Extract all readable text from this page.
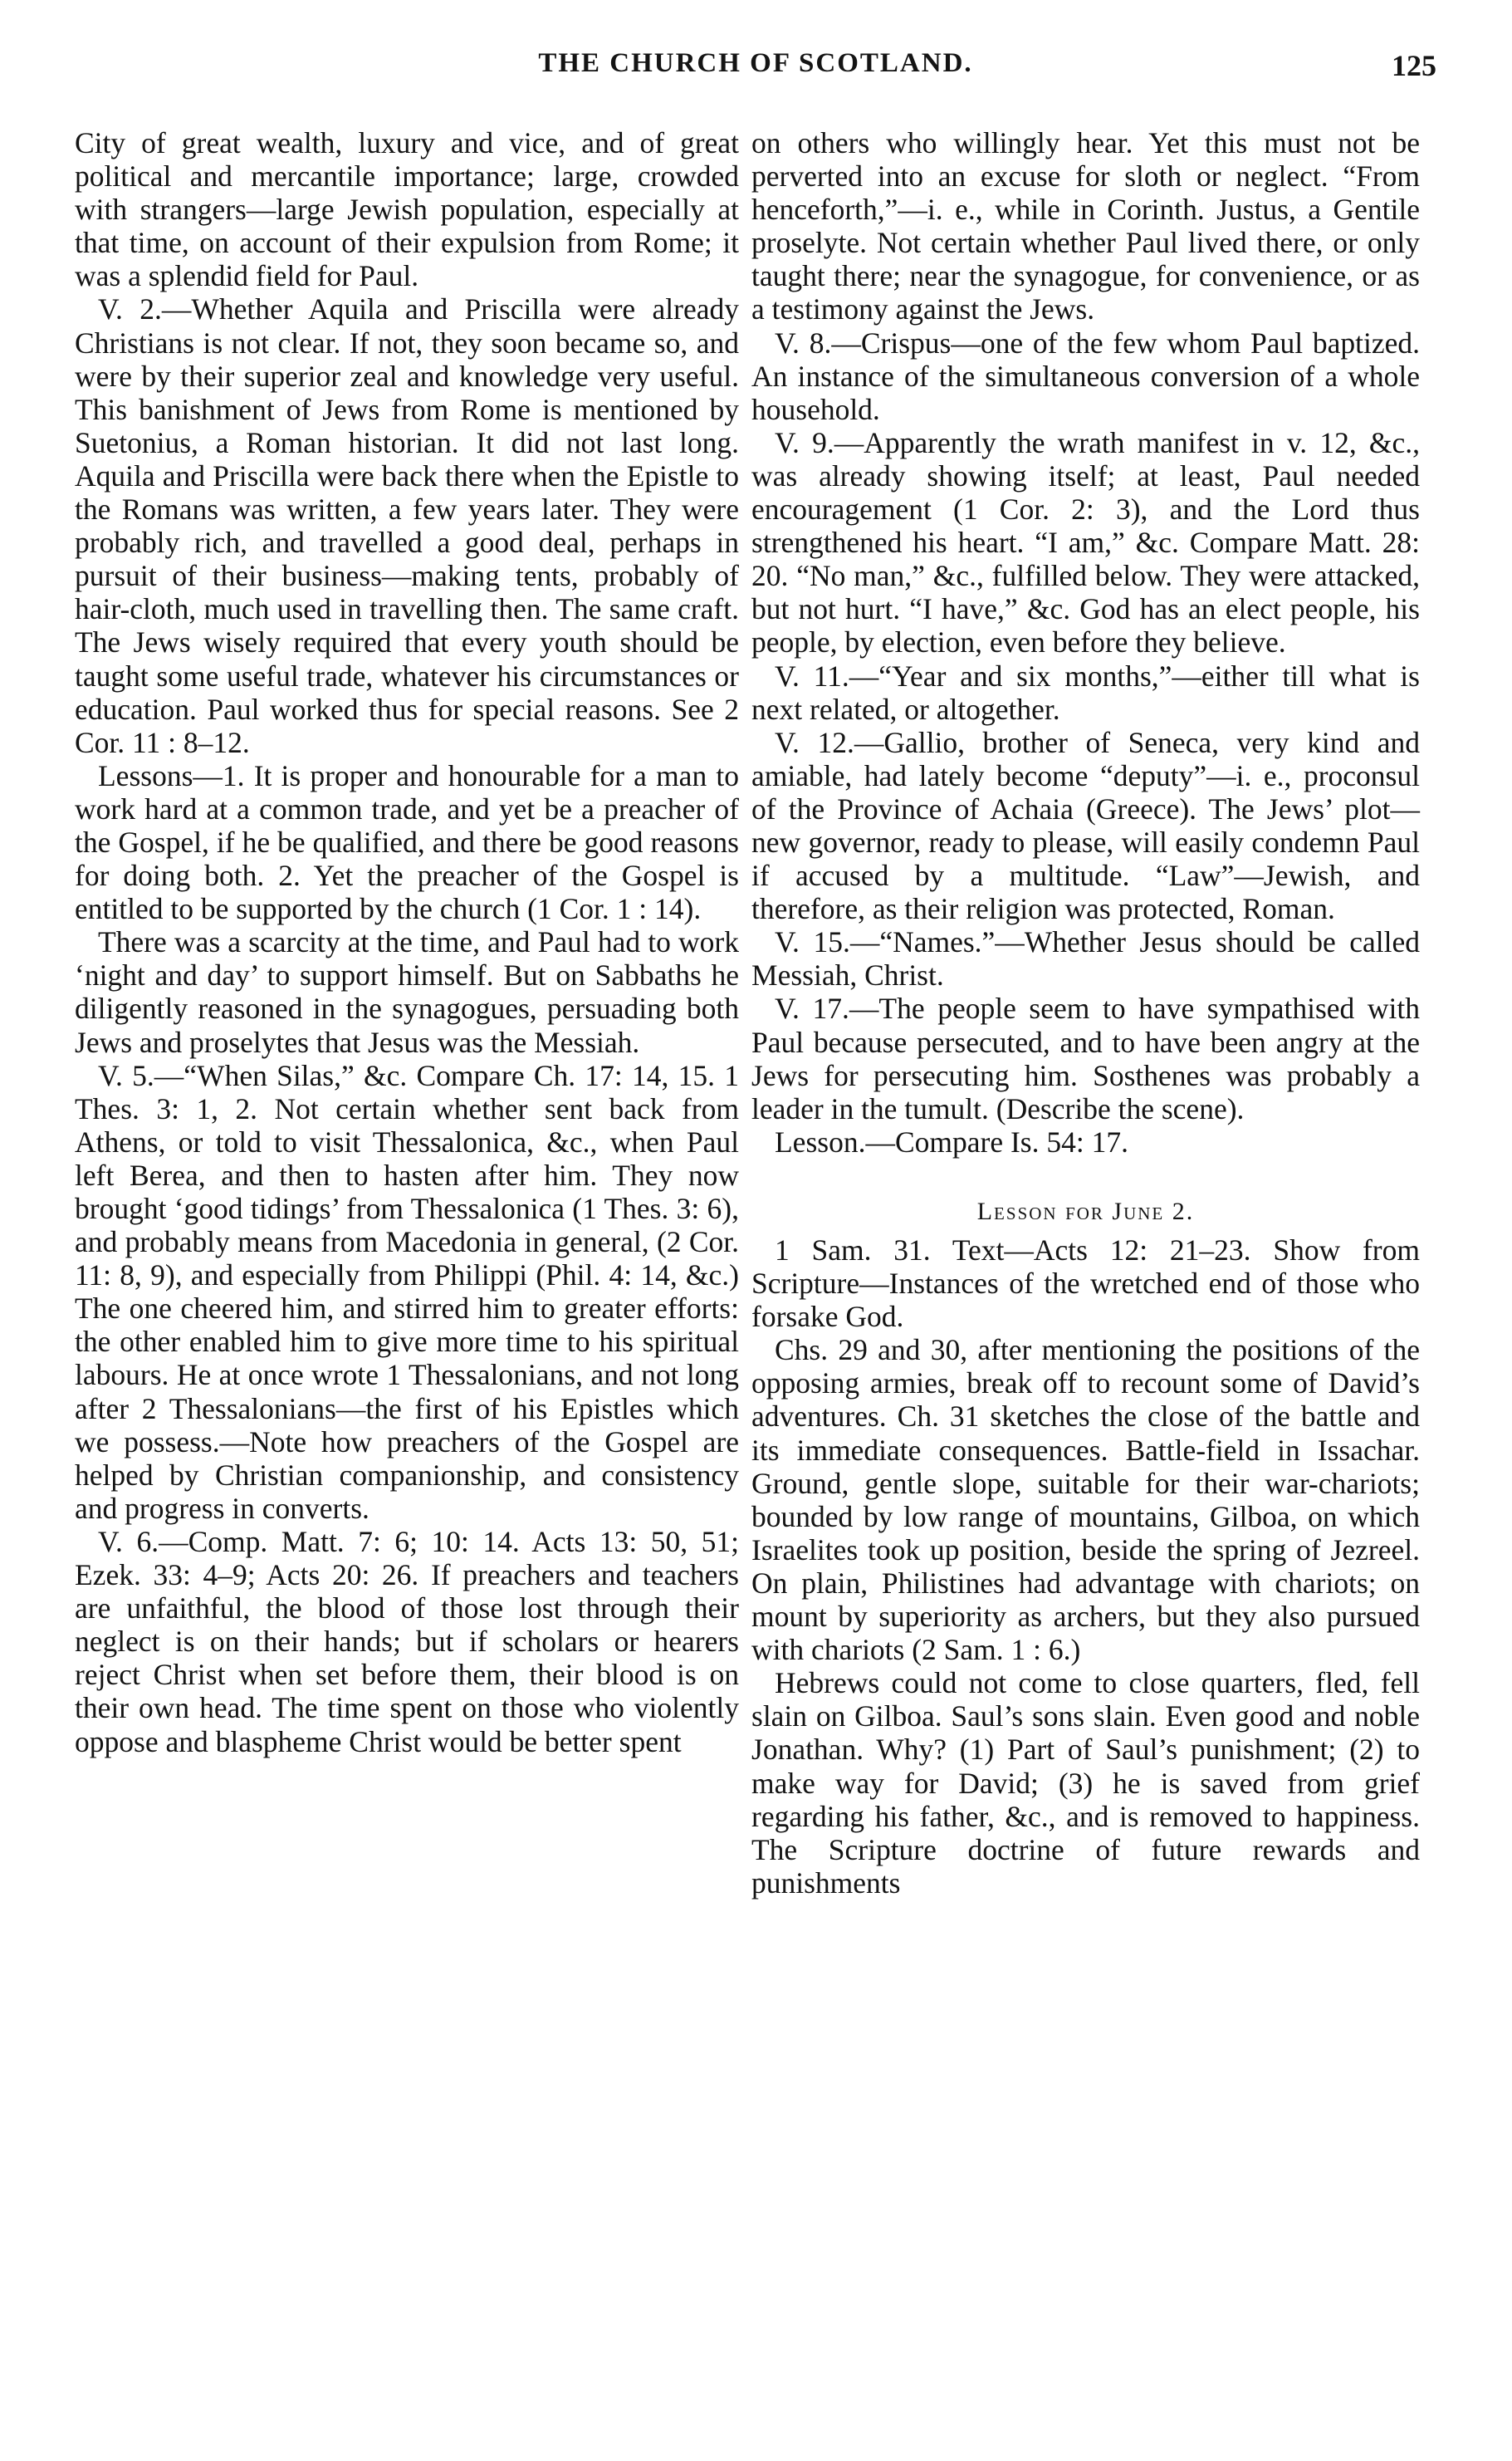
THE CHURCH OF SCOTLAND.	125

City of great wealth, luxury and vice, and of great political and mercantile importance; large, crowded with strangers—large Jewish population, especially at that time, on account of their expulsion from Rome; it was a splendid field for Paul.

V. 2.—Whether Aquila and Priscilla were already Christians is not clear. If not, they soon became so, and were by their superior zeal and knowledge very useful. This banishment of Jews from Rome is mentioned by Suetonius, a Roman historian. It did not last long. Aquila and Priscilla were back there when the Epistle to the Romans was written, a few years later. They were probably rich, and travelled a good deal, perhaps in pursuit of their business—making tents, probably of hair-cloth, much used in travelling then. The same craft. The Jews wisely required that every youth should be taught some useful trade, whatever his circumstances or education. Paul worked thus for special reasons. See 2 Cor. 11 : 8–12.

Lessons—1. It is proper and honourable for a man to work hard at a common trade, and yet be a preacher of the Gospel, if he be qualified, and there be good reasons for doing both. 2. Yet the preacher of the Gospel is entitled to be supported by the church (1 Cor. 1 : 14).

There was a scarcity at the time, and Paul had to work ‘night and day’ to support himself. But on Sabbaths he diligently reasoned in the synagogues, persuading both Jews and proselytes that Jesus was the Messiah.

V. 5.—“When Silas,” &c. Compare Ch. 17: 14, 15. 1 Thes. 3: 1, 2. Not certain whether sent back from Athens, or told to visit Thessalonica, &c., when Paul left Berea, and then to hasten after him. They now brought ‘good tidings’ from Thessalonica (1 Thes. 3: 6), and probably means from Macedonia in general, (2 Cor. 11: 8, 9), and especially from Philippi (Phil. 4: 14, &c.) The one cheered him, and stirred him to greater efforts: the other enabled him to give more time to his spiritual labours. He at once wrote 1 Thessalonians, and not long after 2 Thessalonians—the first of his Epistles which we possess.—Note how preachers of the Gospel are helped by Christian companionship, and consistency and progress in converts.

V. 6.—Comp. Matt. 7: 6; 10: 14. Acts 13: 50, 51; Ezek. 33: 4–9; Acts 20: 26. If preachers and teachers are unfaithful, the blood of those lost through their neglect is on their hands; but if scholars or hearers reject Christ when set before them, their blood is on their own head. The time spent on those who violently oppose and blaspheme Christ would be better spent

on others who willingly hear. Yet this must not be perverted into an excuse for sloth or neglect. “From henceforth,”—i. e., while in Corinth. Justus, a Gentile proselyte. Not certain whether Paul lived there, or only taught there; near the synagogue, for convenience, or as a testimony against the Jews.

V. 8.—Crispus—one of the few whom Paul baptized. An instance of the simultaneous conversion of a whole household.

V. 9.—Apparently the wrath manifest in v. 12, &c., was already showing itself; at least, Paul needed encouragement (1 Cor. 2: 3), and the Lord thus strengthened his heart. “I am,” &c. Compare Matt. 28: 20. “No man,” &c., fulfilled below. They were attacked, but not hurt. “I have,” &c. God has an elect people, his people, by election, even before they believe.

V. 11.—“Year and six months,”—either till what is next related, or altogether.

V. 12.—Gallio, brother of Seneca, very kind and amiable, had lately become “deputy”—i. e., proconsul of the Province of Achaia (Greece). The Jews’ plot—new governor, ready to please, will easily condemn Paul if accused by a multitude. “Law”—Jewish, and therefore, as their religion was protected, Roman.

V. 15.—“Names.”—Whether Jesus should be called Messiah, Christ.

V. 17.—The people seem to have sympathised with Paul because persecuted, and to have been angry at the Jews for persecuting him. Sosthenes was probably a leader in the tumult. (Describe the scene).

Lesson.—Compare Is. 54: 17.

Lesson for June 2.

1 Sam. 31. Text—Acts 12: 21–23. Show from Scripture—Instances of the wretched end of those who forsake God.

Chs. 29 and 30, after mentioning the positions of the opposing armies, break off to recount some of David’s adventures. Ch. 31 sketches the close of the battle and its immediate consequences. Battle-field in Issachar. Ground, gentle slope, suitable for their war-chariots; bounded by low range of mountains, Gilboa, on which Israelites took up position, beside the spring of Jezreel. On plain, Philistines had advantage with chariots; on mount by superiority as archers, but they also pursued with chariots (2 Sam. 1 : 6.)

Hebrews could not come to close quarters, fled, fell slain on Gilboa. Saul’s sons slain. Even good and noble Jonathan. Why? (1) Part of Saul’s punishment; (2) to make way for David; (3) he is saved from grief regarding his father, &c., and is removed to happiness. The Scripture doctrine of future rewards and punishments
